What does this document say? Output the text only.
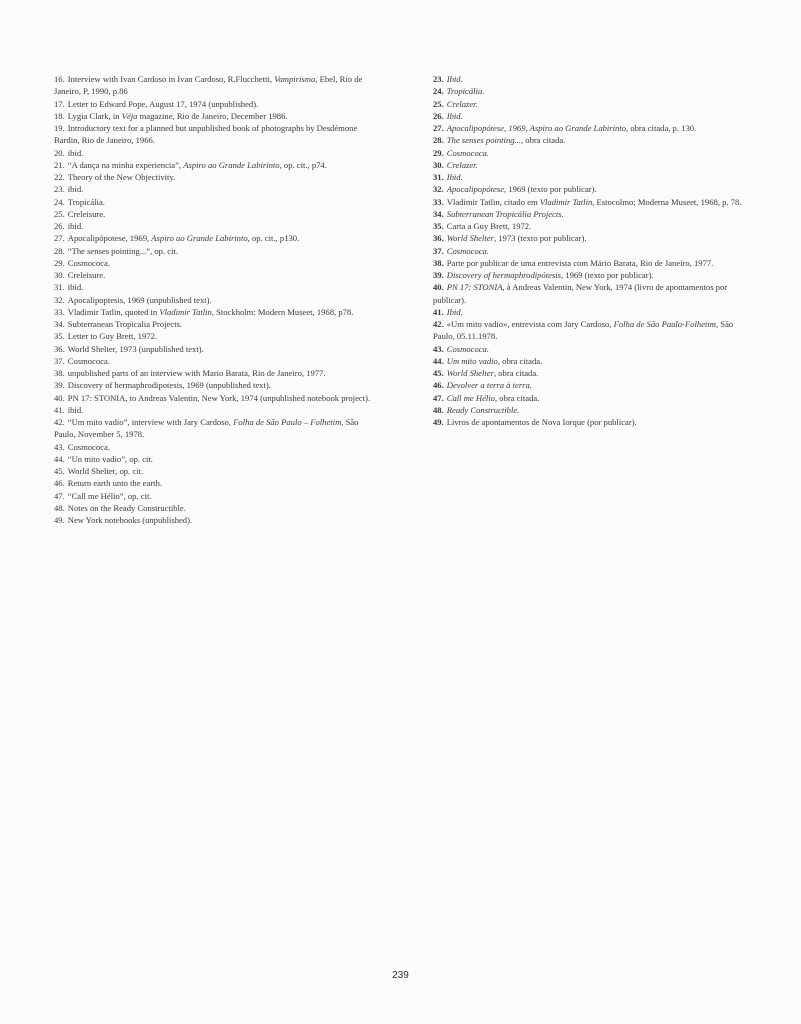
16. Interview with Ivan Cardoso in Ivan Cardoso, R.Flucchetti, Vampirismo, Ebel, Rio de Janeiro, P, 1990, p.86

17. Letter to Edward Pope, August 17, 1974 (unpublished).

18. Lygia Clark, in Véja magazine, Rio de Janeiro, December 1986.

19. Introductory text for a planned but unpublished book of photographs by Desdémone Bardin, Rio de Janeiro, 1966.

20. ibid.

21. “A dança na minha experiencia”, Aspiro ao Grande Labirinto, op. cit., p74.

22. Theory of the New Objectivity.

23. ibid.

24. Tropicália.

25. Creleisure.

26. ibid.

27. Apocalipópotese, 1969, Aspiro ao Grande Labirinto, op. cit., p130.

28. “The senses pointing...”, op. cit.

29. Cosmococa.

30. Creleisure.

31. ibid.

32. Apocalipoptesis, 1969 (unpublished text).

33. Vladimir Tatlin, quoted in Vladimir Tatlin, Stockholm: Modern Museet, 1968, p78.

34. Subterranean Tropicalia Projects.

35. Letter to Guy Brett, 1972.

36. World Shelter, 1973 (unpublished text).

37. Cosmococa.

38. unpublished parts of an interview with Mario Barata, Rio de Janeiro, 1977.

39. Discovery of hermaphrodipotesis, 1969 (unpublished text).

40. PN 17: STONIA, to Andreas Valentin, New York, 1974 (unpublished notebook project).

41. ibid.

42. “Um mito vadio”, interview with Jary Cardoso, Folha de São Paulo – Folhetim, São Paulo, November 5, 1978.

43. Cosmococa.

44. “Un mito vadio”, op. cit.

45. World Shelter, op. cit.

46. Return earth unto the earth.

47. “Call me Hélio”, op. cit.

48. Notes on the Ready Constructible.

49. New York notebooks (unpublished).

23. Ibid.

24. Tropicália.

25. Crelazer.

26. Ibid.

27. Apocalipopótese, 1969, Aspiro ao Grande Labirinto, obra citada, p. 130.

28. The senses pointing..., obra citada.

29. Cosmococa.

30. Crelazer.

31. Ibid.

32. Apocalipopótese, 1969 (texto por publicar).

33. Vladimir Tatlin, citado em Vladimir Tatlin, Estocolmo; Moderna Museet, 1968, p. 78.

34. Subterranean Tropicália Projects.

35. Carta a Guy Brett, 1972.

36. World Shelter, 1973 (texto por publicar).

37. Cosmococa.

38. Parte por publicar de uma entrevista com Mário Barata, Rio de Janeiro, 1977.

39. Discovery of hermaphrodipótesis, 1969 (texto por publicar).

40. PN 17: STONIA, à Andreas Valentin, New York, 1974 (livro de apontamentos por publicar).

41. Ibid.

42. «Um mito vadio», entrevista com Jary Cardoso, Folha de São Paulo-Folhetim, São Paulo, 05.11.1978.

43. Cosmococa.

44. Um mito vadio, obra citada.

45. World Shelter, obra citada.

46. Devolver a terra à terra.

47. Call me Hélio, obra citada.

48. Ready Constructible.

49. Livros de apontamentos de Nova Iorque (por publicar).

239
